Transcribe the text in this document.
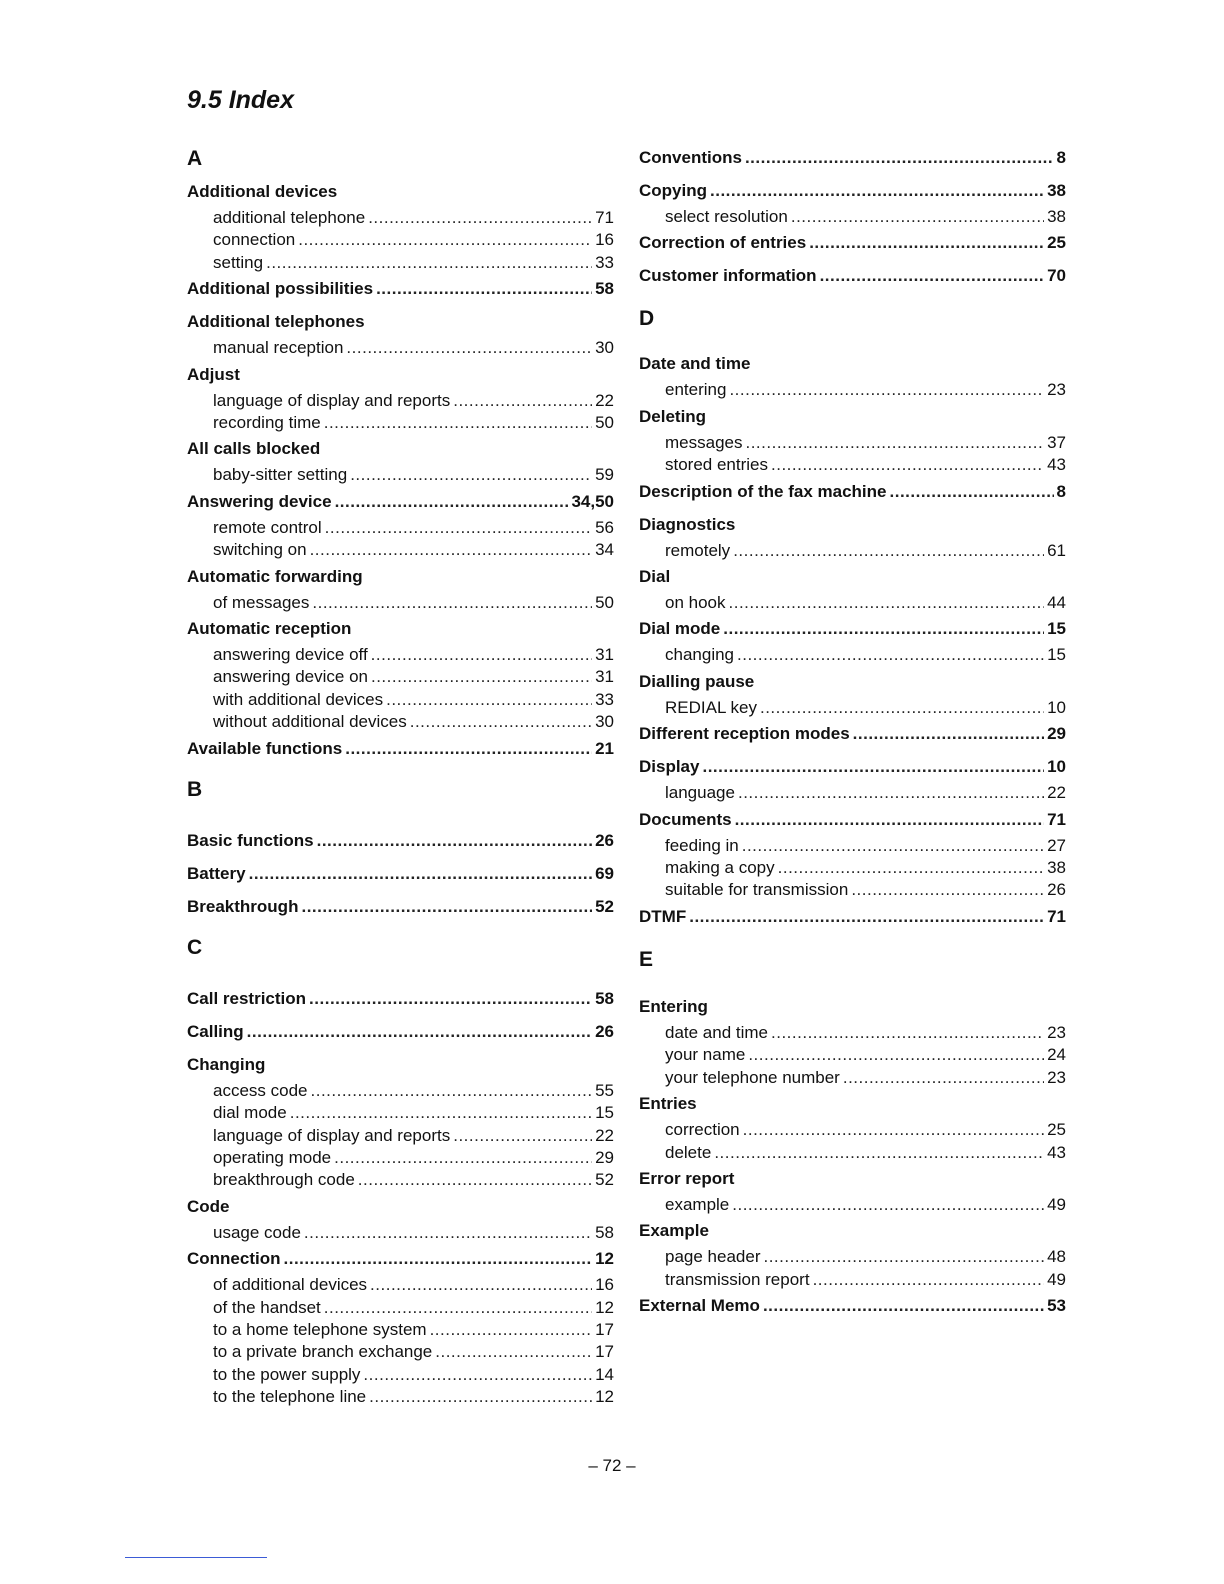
9.5 Index
A
Additional devices
additional telephone .....	71
connection .....	16
setting .....	33
Additional possibilities .....	58
Additional telephones
manual reception .....	30
Adjust
language of display and reports .....	22
recording time .....	50
All calls blocked
baby-sitter setting .....	59
Answering device .....	34,50
remote control .....	56
switching on .....	34
Automatic forwarding
of messages .....	50
Automatic reception
answering device off .....	31
answering device on .....	31
with additional devices .....	33
without additional devices .....	30
Available functions .....	21
B
Basic functions .....	26
Battery .....	69
Breakthrough .....	52
C
Call restriction .....	58
Calling .....	26
Changing
access code .....	55
dial mode .....	15
language of display and reports .....	22
operating mode .....	29
breakthrough code .....	52
Code
usage code .....	58
Connection .....	12
of additional devices .....	16
of the handset .....	12
to a home telephone system .....	17
to a private branch exchange .....	17
to the power supply .....	14
to the telephone line .....	12
Conventions .....	8
Copying .....	38
select resolution .....	38
Correction of entries .....	25
Customer information .....	70
D
Date and time
entering .....	23
Deleting
messages .....	37
stored entries .....	43
Description of the fax machine .....	8
Diagnostics
remotely .....	61
Dial
on hook .....	44
Dial mode .....	15
changing .....	15
Dialling pause
REDIAL key .....	10
Different reception modes .....	29
Display .....	10
language .....	22
Documents .....	71
feeding in .....	27
making a copy .....	38
suitable for transmission .....	26
DTMF .....	71
E
Entering
date and time .....	23
your name .....	24
your telephone number .....	23
Entries
correction .....	25
delete .....	43
Error report
example .....	49
Example
page header .....	48
transmission report .....	49
External Memo .....	53
– 72 –
